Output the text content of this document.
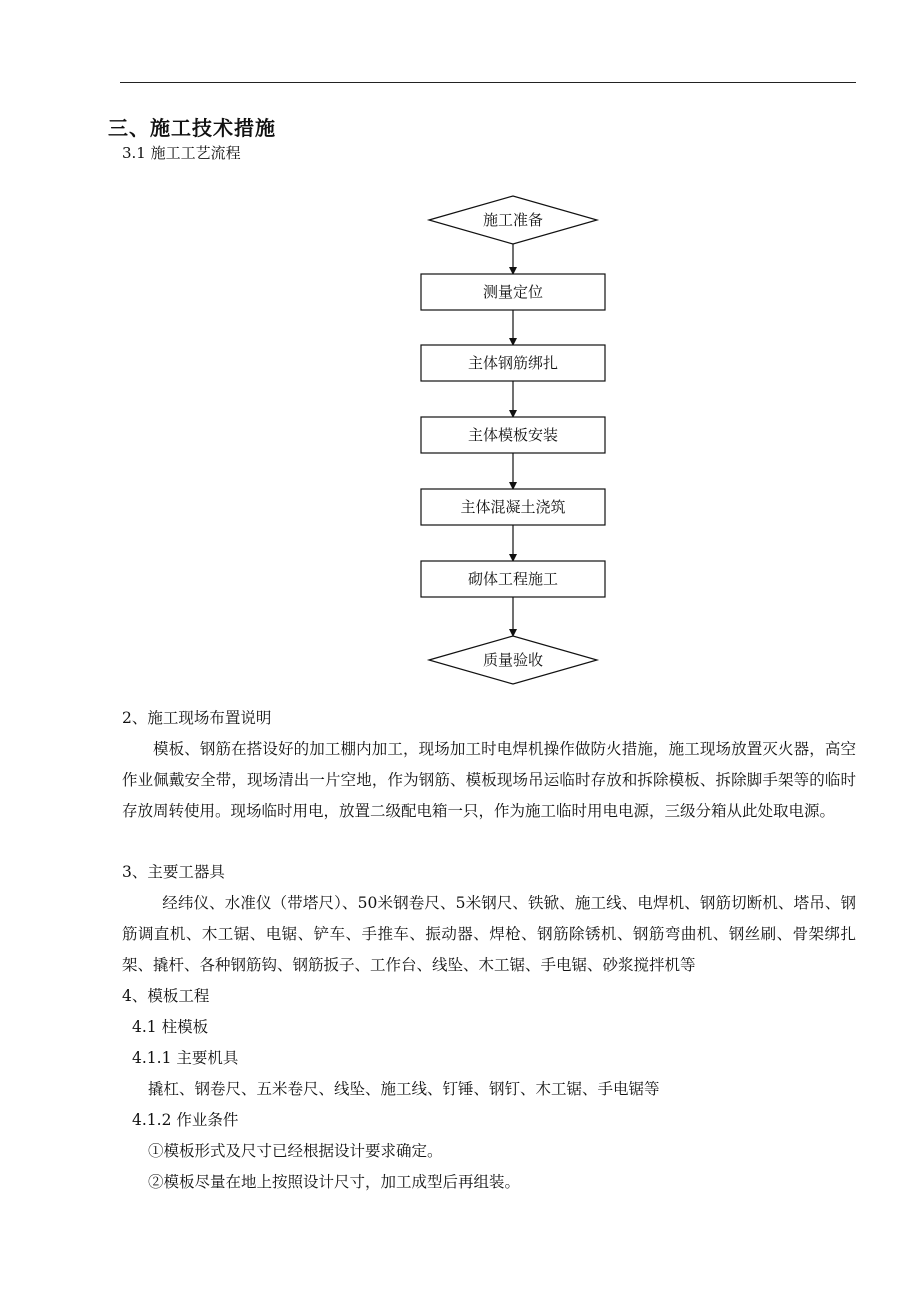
三、施工技术措施
3.1 施工工艺流程
施工准备
测量定位
主体钢筋绑扎
主体模板安装
主体混凝土浇筑
砌体工程施工
质量验收

2、施工现场布置说明

模板、钢筋在搭设好的加工棚内加工，现场加工时电焊机操作做防火措施，施工现场放置灭火器，高空作业佩戴安全带，现场清出一片空地，作为钢筋、模板现场吊运临时存放和拆除模板、拆除脚手架等的临时存放周转使用。现场临时用电，放置二级配电箱一只，作为施工临时用电电源，三级分箱从此处取电源。

3、主要工器具

经纬仪、水准仪（带塔尺）、50米钢卷尺、5米钢尺、铁锨、施工线、电焊机、钢筋切断机、塔吊、钢筋调直机、木工锯、电锯、铲车、手推车、振动器、焊枪、钢筋除锈机、钢筋弯曲机、钢丝刷、骨架绑扎架、撬杆、各种钢筋钩、钢筋扳子、工作台、线坠、木工锯、手电锯、砂浆搅拌机等

4、模板工程

4.1 柱模板

4.1.1 主要机具

撬杠、钢卷尺、五米卷尺、线坠、施工线、钉锤、钢钉、木工锯、手电锯等

4.1.2 作业条件

①模板形式及尺寸已经根据设计要求确定。

②模板尽量在地上按照设计尺寸，加工成型后再组装。
